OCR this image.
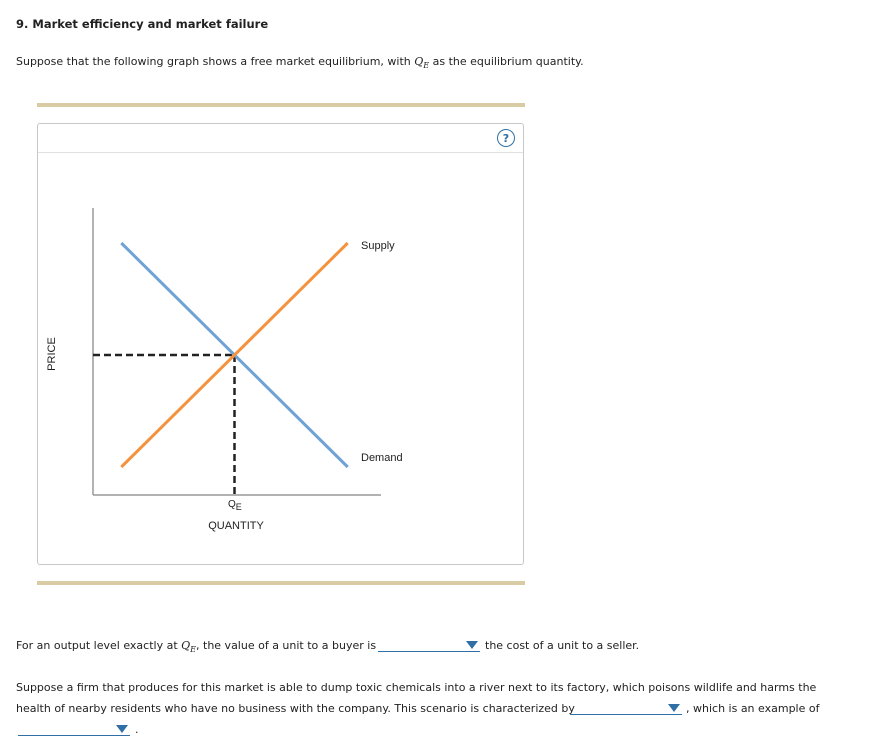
9. Market efficiency and market failure
Suppose that the following graph shows a free market equilibrium, with $Q_E$ as the equilibrium quantity.
?
PRICE
QUANTITY
Supply
Demand
QE
For an output level exactly at $Q_E$, the value of a unit to a buyer is	the cost of a unit to a seller.
Suppose a firm that produces for this market is able to dump toxic chemicals into a river next to its factory, which poisons wildlife and harms the
health of nearby residents who have no business with the company. This scenario is characterized by	, which is an example of
.
